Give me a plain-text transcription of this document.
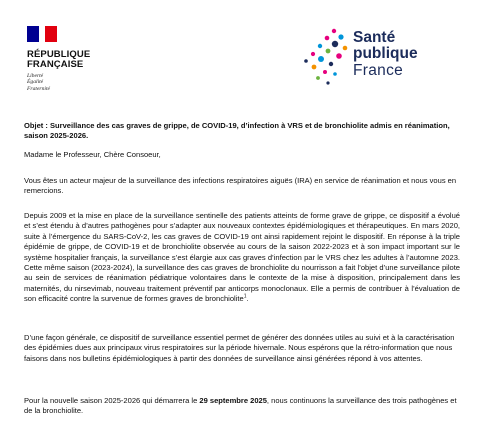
RÉPUBLIQUE
FRANÇAISE
Liberté
Égalité
Fraternité
Santé
publique
France
Objet : Surveillance des cas graves de grippe, de COVID-19, d’infection à VRS et de bronchiolite admis en réanimation, saison 2025-2026.
Madame le Professeur, Chère Consoeur,
Vous êtes un acteur majeur de la surveillance des infections respiratoires aiguës (IRA) en service de réanimation et nous vous en remercions.
Depuis 2009 et la mise en place de la surveillance sentinelle des patients atteints de forme grave de grippe, ce dispositif a évolué et s’est étendu à d’autres pathogènes pour s’adapter aux nouveaux contextes épidémiologiques et thérapeutiques. En mars 2020, suite à l’émergence du SARS-CoV-2, les cas graves de COVID-19 ont ainsi rapidement rejoint le dispositif. En réponse à la triple épidémie de grippe, de COVID-19 et de bronchiolite observée au cours de la saison 2022-2023 et à son impact important sur le système hospitalier français, la surveillance s’est élargie aux cas graves d’infection par le VRS chez les adultes à l’automne 2023. Cette même saison (2023-2024), la surveillance des cas graves de bronchiolite du nourrisson a fait l’objet d’une surveillance pilote au sein de services de réanimation pédiatrique volontaires dans le contexte de la mise à disposition, principalement dans les maternités, du nirsevimab, nouveau traitement préventif par anticorps monoclonaux. Elle a permis de contribuer à l’évaluation de son efficacité contre la survenue de formes graves de bronchiolite$^1$.
D’une façon générale, ce dispositif de surveillance essentiel permet de générer des données utiles au suivi et à la caractérisation des épidémies dues aux principaux virus respiratoires sur la période hivernale. Nous espérons que la rétro-information que nous faisons dans nos bulletins épidémiologiques à partir des données de surveillance ainsi générées répond à vos attentes.
Pour la nouvelle saison 2025-2026 qui démarrera le 29 septembre 2025, nous continuons la surveillance des trois pathogènes et de la bronchiolite.
